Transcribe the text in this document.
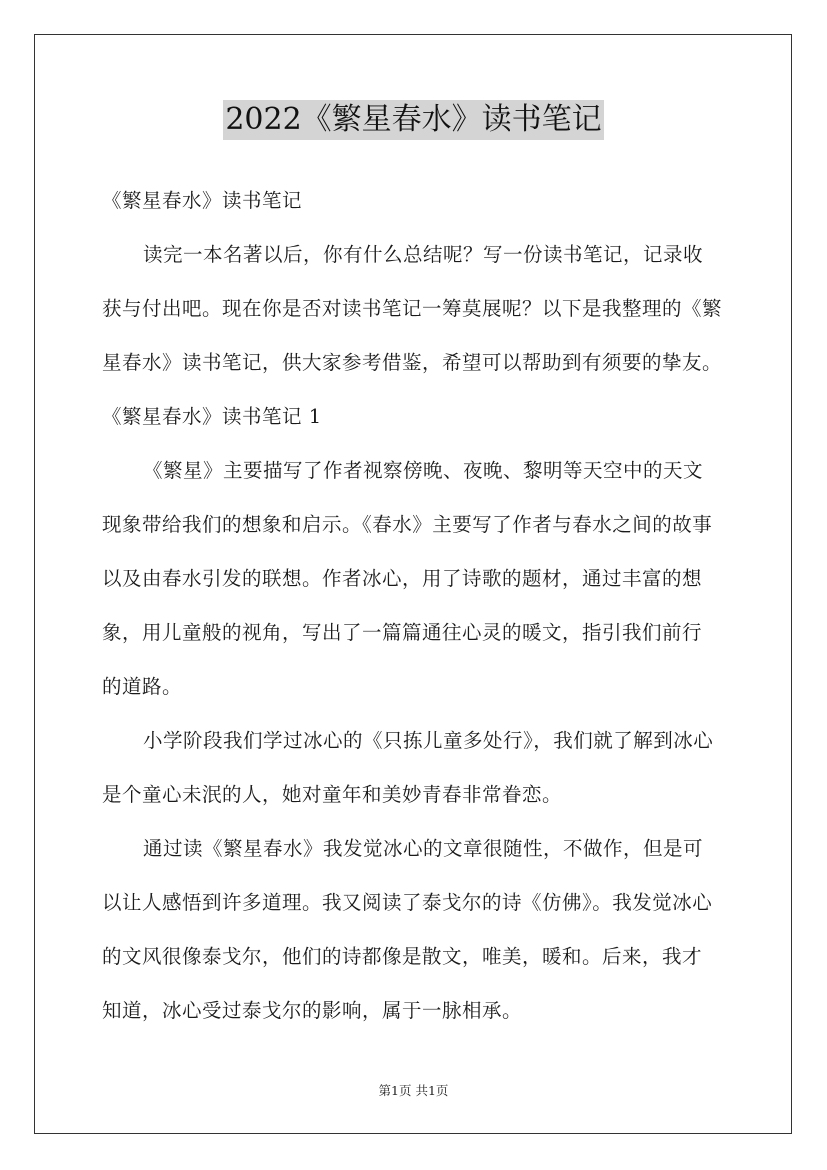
2022《繁星春水》读书笔记
《繁星春水》读书笔记
读完一本名著以后，你有什么总结呢？写一份读书笔记，记录收
获与付出吧。现在你是否对读书笔记一筹莫展呢？以下是我整理的《繁
星春水》读书笔记，供大家参考借鉴，希望可以帮助到有须要的挚友。
《繁星春水》读书笔记 1
《繁星》主要描写了作者视察傍晚、夜晚、黎明等天空中的天文
现象带给我们的想象和启示。《春水》主要写了作者与春水之间的故事
以及由春水引发的联想。作者冰心，用了诗歌的题材，通过丰富的想
象，用儿童般的视角，写出了一篇篇通往心灵的暖文，指引我们前行
的道路。
小学阶段我们学过冰心的《只拣儿童多处行》，我们就了解到冰心
是个童心未泯的人，她对童年和美妙青春非常眷恋。
通过读《繁星春水》我发觉冰心的文章很随性，不做作，但是可
以让人感悟到许多道理。我又阅读了泰戈尔的诗《仿佛》。我发觉冰心
的文风很像泰戈尔，他们的诗都像是散文，唯美，暖和。后来，我才
知道，冰心受过泰戈尔的影响，属于一脉相承。
第1页 共1页
